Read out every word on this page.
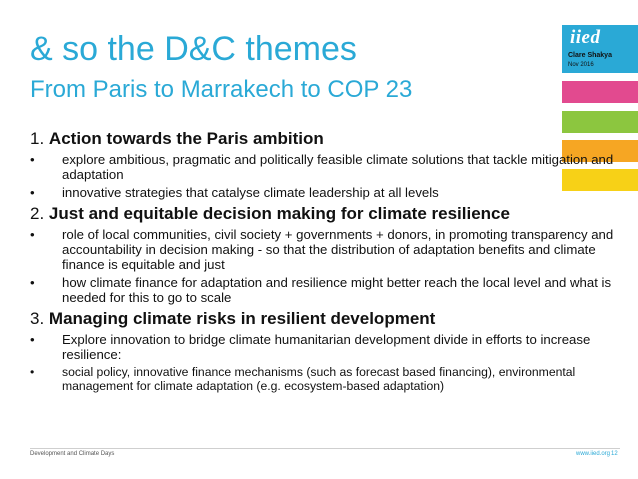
& so the D&C themes
From Paris to Marrakech to COP 23
iied
Clare Shakya
Nov 2016
1. Action towards the Paris ambition
• explore ambitious, pragmatic and politically feasible climate solutions that tackle mitigation and adaptation
• innovative strategies that catalyse climate leadership at all levels
2. Just and equitable decision making for climate resilience
• role of local communities, civil society + governments + donors, in promoting transparency and accountability in decision making - so that the distribution of adaptation benefits and climate finance is equitable and just
• how climate finance for adaptation and resilience might better reach the local level and what is needed for this to go to scale
3. Managing climate risks in resilient development
• Explore innovation to bridge climate humanitarian development divide in efforts to increase resilience:
• social policy, innovative finance mechanisms (such as forecast based financing), environmental management for climate adaptation (e.g. ecosystem-based adaptation)
Development and Climate Days	www.iied.org 12
